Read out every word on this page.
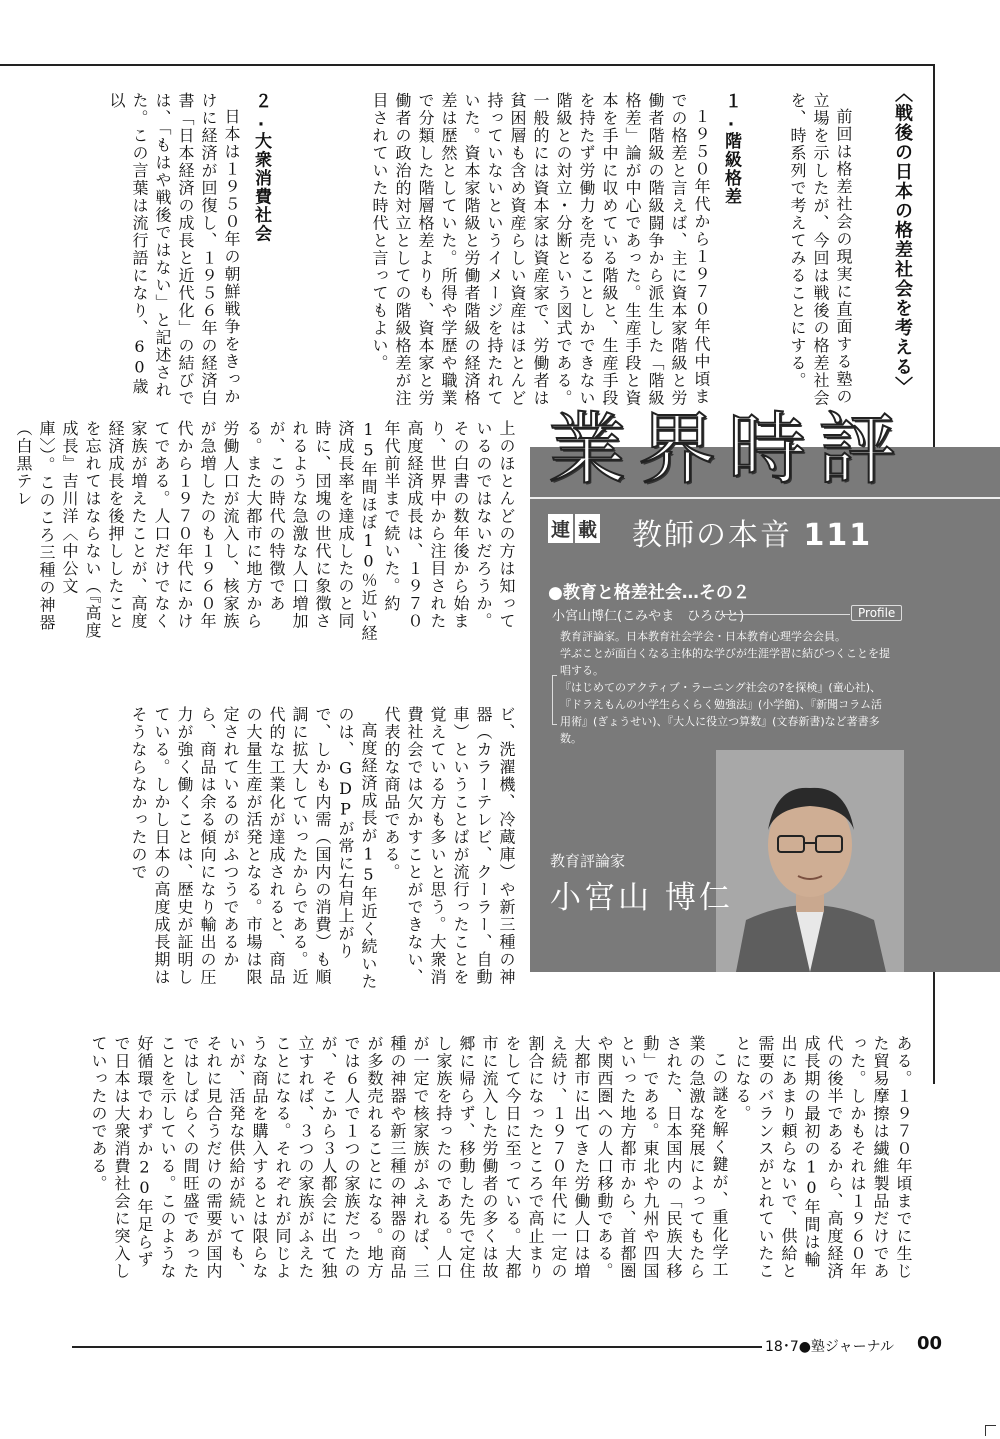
〈戦後の日本の格差社会を考える〉

前回は格差社会の現実に直面する塾の立場を示したが、今回は戦後の格差社会を、時系列で考えてみることにする。

１.階級格差

１９５０年代から１９７０年代中頃までの格差と言えば、主に資本家階級と労働者階級の階級闘争から派生した「階級格差」論が中心であった。生産手段と資本を手中に収めている階級と、生産手段を持たず労働力を売ることしかできない階級との対立・分断という図式である。一般的には資本家は資産家で、労働者は貧困層も含め資産らしい資産はほとんど持っていないというイメージを持たれていた。資本家階級と労働者階級の経済格差は歴然としていた。所得や学歴や職業で分類した階層格差よりも、資本家と労働者の政治的対立としての階級格差が注目されていた時代と言ってもよい。

２.大衆消費社会

日本は１９５０年の朝鮮戦争をきっかけに経済が回復し、１９５６年の経済白書「日本経済の成長と近代化」の結びでは、「もはや戦後ではない」と記述された。この言葉は流行語になり、60歳以

上のほとんどの方は知っているのではないだろうか。その白書の数年後から始まり、世界中から注目された高度経済成長は、１９７０年代前半まで続いた。約15年間ほぼ10％近い経済成長率を達成したのと同時に、団塊の世代に象徴されるような急激な人口増加が、この時代の特徴である。また大都市に地方から労働人口が流入し、核家族が急増したのも１９６０年代から１９７０年代にかけてである。人口だけでなく家族が増えたことが、高度経済成長を後押ししたことを忘れてはならない（『高度成長』吉川洋〈中公文庫〉）。このころ三種の神器（白黒テレ

ビ、洗濯機、冷蔵庫）や新三種の神器（カラーテレビ、クーラー、自動車）ということばが流行ったことを覚えている方も多いと思う。大衆消費社会では欠かすことができない、代表的な商品である。

高度経済成長が15年近く続いたのは、GDPが常に右肩上がりで、しかも内需（国内の消費）も順調に拡大していったからである。近代的な工業化が達成されると、商品の大量生産が活発となる。市場は限定されているのがふつうであるから、商品は余る傾向になり輸出の圧力が強く働くことは、歴史が証明している。しかし日本の高度成長期はそうならなかったので

ある。１９７０年頃までに生じた貿易摩擦は繊維製品だけであった。しかもそれは１９６０年代の後半であるから、高度経済成長期の最初の10年間は輸出にあまり頼らないで、供給と需要のバランスがとれていたことになる。

この謎を解く鍵が、重化学工業の急激な発展によってもたらされた、日本国内の「民族大移動」である。東北や九州や四国といった地方都市から、首都圏や関西圏への人口移動である。大都市に出てきた労働人口は増え続け、１９７０年代に一定の割合になったところで高止まりをして今日に至っている。大都市に流入した労働者の多くは故郷に帰らず、移動した先で定住し家族を持ったのである。人口が一定で核家族がふえれば、三種の神器や新三種の神器の商品が多数売れることになる。地方では６人で１つの家族だったのが、そこから３人都会に出て独立すれば、３つの家族がふえたことになる。それぞれが同じような商品を購入するとは限らないが、活発な供給が続いても、それに見合うだけの需要が国内ではしばらくの間旺盛であったことを示している。このような好循環でわずか20年足らずで日本は大衆消費社会に突入していったのである。

業界時評
連 載 教師の本音 111
●教育と格差社会…その２
小宮山博仁(こみやま　ひろひと)	Profile

教育評論家。日本教育社会学会・日本教育心理学会会員。

学ぶことが面白くなる主体的な学びが生涯学習に結びつくことを提唱する。

『はじめてのアクティブ・ラーニング社会の?を探検』(童心社)、『ドラえもんの小学生らくらく勉強法』(小学館)、『新聞コラム活用術』(ぎょうせい)、『大人に役立つ算数』(文春新書)など著書多数。

教育評論家
小宮山 博仁
18･7●塾ジャーナル 00
